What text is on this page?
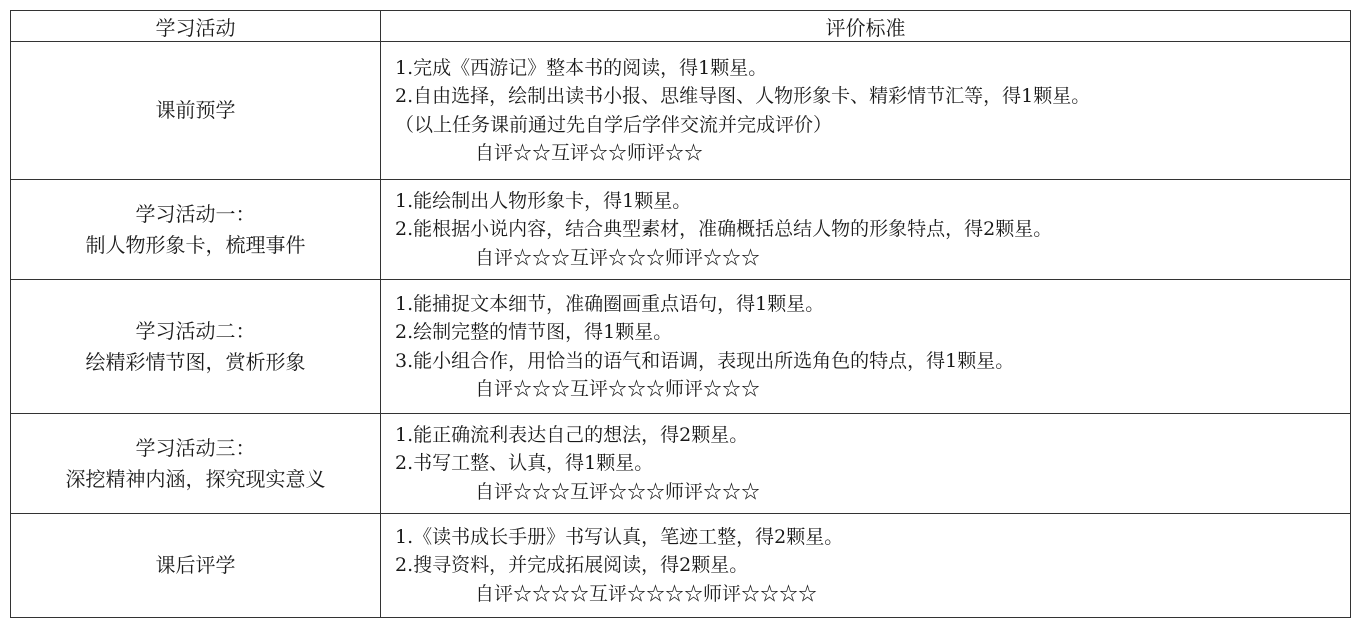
学习活动	评价标准

课前预学	1.完成《西游记》整本书的阅读，得1颗星。
2.自由选择，绘制出读书小报、思维导图、人物形象卡、精彩情节汇等，得1颗星。
（以上任务课前通过先自学后学伴交流并完成评价）
自评☆☆互评☆☆师评☆☆

学习活动一：
制人物形象卡，梳理事件	1.能绘制出人物形象卡，得1颗星。
2.能根据小说内容，结合典型素材，准确概括总结人物的形象特点，得2颗星。
自评☆☆☆互评☆☆☆师评☆☆☆

学习活动二：
绘精彩情节图，赏析形象	1.能捕捉文本细节，准确圈画重点语句，得1颗星。
2.绘制完整的情节图，得1颗星。
3.能小组合作，用恰当的语气和语调，表现出所选角色的特点，得1颗星。
自评☆☆☆互评☆☆☆师评☆☆☆

学习活动三：
深挖精神内涵，探究现实意义	1.能正确流利表达自己的想法，得2颗星。
2.书写工整、认真，得1颗星。
自评☆☆☆互评☆☆☆师评☆☆☆

课后评学	1.《读书成长手册》书写认真，笔迹工整，得2颗星。
2.搜寻资料，并完成拓展阅读，得2颗星。
自评☆☆☆☆互评☆☆☆☆师评☆☆☆☆
